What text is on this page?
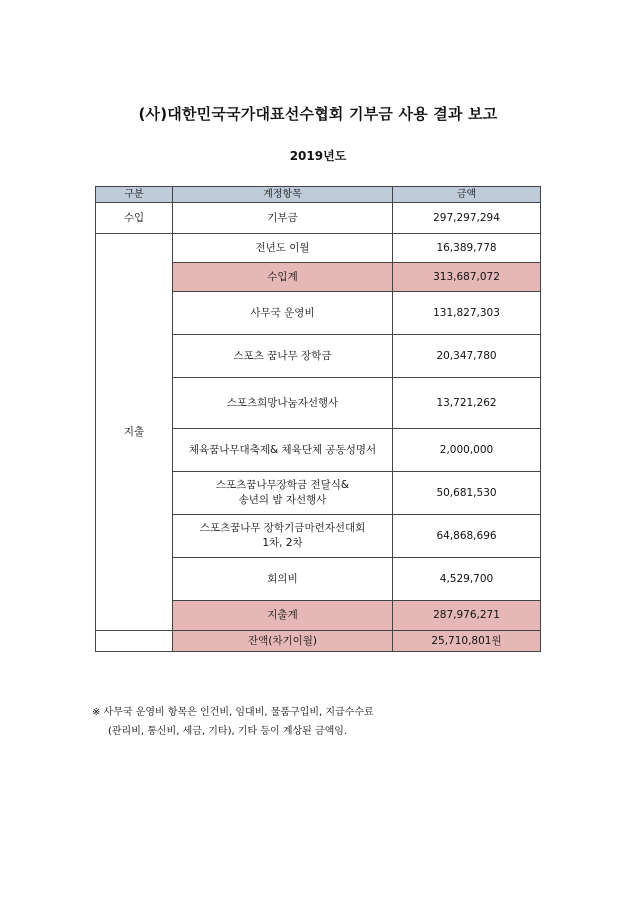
(사)대한민국국가대표선수협회 기부금 사용 결과 보고
2019년도
구분	계정항목	금액
수입	기부금	297,297,294
지출	전년도 이월	16,389,778
	수입계	313,687,072
	사무국 운영비	131,827,303
	스포츠 꿈나무 장학금	20,347,780
	스포츠희망나눔자선행사	13,721,262
	체육꿈나무대축제& 체육단체 공동성명서	2,000,000

	스포츠꿈나무장학금 전달식&
송년의 밤 자선행사	50,681,530

	스포츠꿈나무 장학기금마련자선대회
1차, 2차	64,868,696
	회의비	4,529,700
	지출계	287,976,271
	잔액(차기이월)	25,710,801원
※ 사무국 운영비 항목은 인건비, 임대비, 물품구입비, 지급수수료
(관리비, 통신비, 세금, 기타), 기타 등이 계상된 금액임.
